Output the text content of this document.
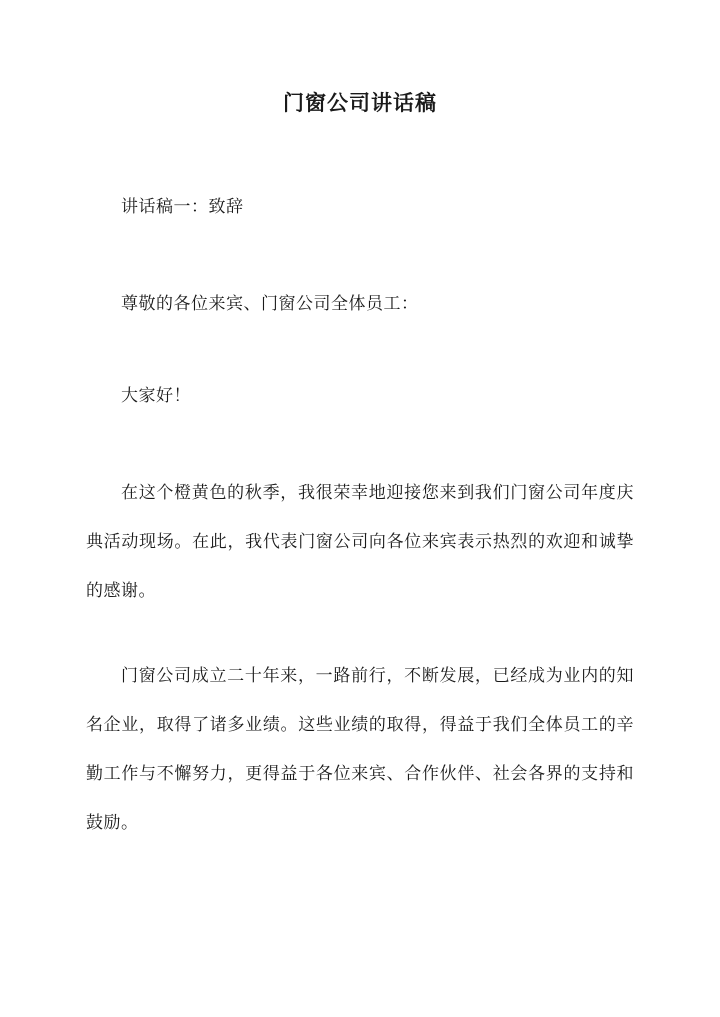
门窗公司讲话稿

讲话稿一：致辞

尊敬的各位来宾、门窗公司全体员工：

大家好！

在这个橙黄色的秋季，我很荣幸地迎接您来到我们门窗公司年度庆典活动现场。在此，我代表门窗公司向各位来宾表示热烈的欢迎和诚挚的感谢。

门窗公司成立二十年来，一路前行，不断发展，已经成为业内的知名企业，取得了诸多业绩。这些业绩的取得，得益于我们全体员工的辛勤工作与不懈努力，更得益于各位来宾、合作伙伴、社会各界的支持和鼓励。
